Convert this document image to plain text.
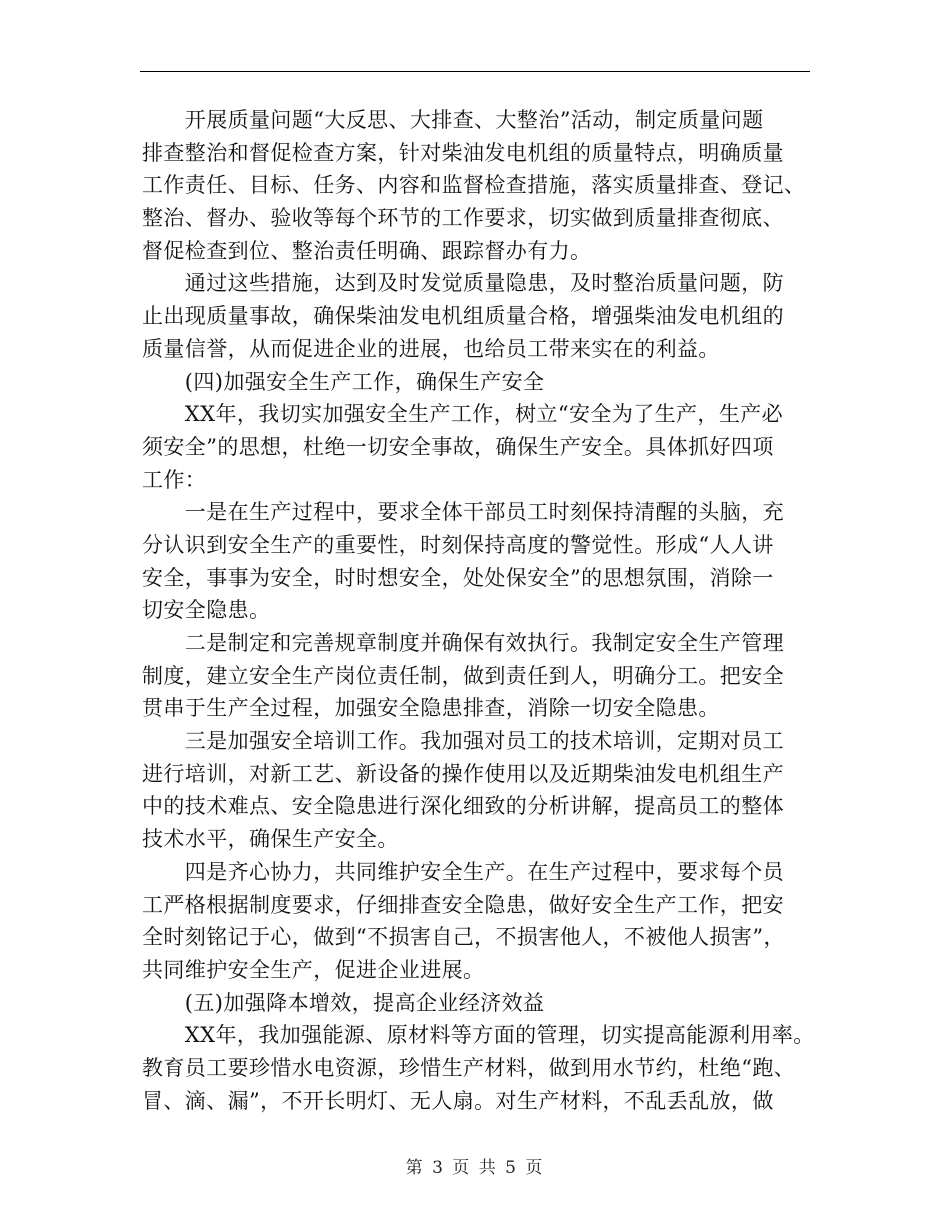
　　开展质量问题“大反思、大排查、大整治”活动，制定质量问题
排查整治和督促检查方案，针对柴油发电机组的质量特点，明确质量
工作责任、目标、任务、内容和监督检查措施，落实质量排查、登记、
整治、督办、验收等每个环节的工作要求，切实做到质量排查彻底、
督促检查到位、整治责任明确、跟踪督办有力。
　　通过这些措施，达到及时发觉质量隐患，及时整治质量问题，防
止出现质量事故，确保柴油发电机组质量合格，增强柴油发电机组的
质量信誉，从而促进企业的进展，也给员工带来实在的利益。
　　(四)加强安全生产工作，确保生产安全
　　XX年，我切实加强安全生产工作，树立“安全为了生产，生产必
须安全”的思想，杜绝一切安全事故，确保生产安全。具体抓好四项
工作：
　　一是在生产过程中，要求全体干部员工时刻保持清醒的头脑，充
分认识到安全生产的重要性，时刻保持高度的警觉性。形成“人人讲
安全，事事为安全，时时想安全，处处保安全”的思想氛围，消除一
切安全隐患。
　　二是制定和完善规章制度并确保有效执行。我制定安全生产管理
制度，建立安全生产岗位责任制，做到责任到人，明确分工。把安全
贯串于生产全过程，加强安全隐患排查，消除一切安全隐患。
　　三是加强安全培训工作。我加强对员工的技术培训，定期对员工
进行培训，对新工艺、新设备的操作使用以及近期柴油发电机组生产
中的技术难点、安全隐患进行深化细致的分析讲解，提高员工的整体
技术水平，确保生产安全。
　　四是齐心协力，共同维护安全生产。在生产过程中，要求每个员
工严格根据制度要求，仔细排查安全隐患，做好安全生产工作，把安
全时刻铭记于心，做到“不损害自己，不损害他人，不被他人损害”，
共同维护安全生产，促进企业进展。
　　(五)加强降本增效，提高企业经济效益
　　XX年，我加强能源、原材料等方面的管理，切实提高能源利用率。
教育员工要珍惜水电资源，珍惜生产材料，做到用水节约，杜绝“跑、
冒、滴、漏”，不开长明灯、无人扇。对生产材料，不乱丢乱放，做
第 3 页 共 5 页
